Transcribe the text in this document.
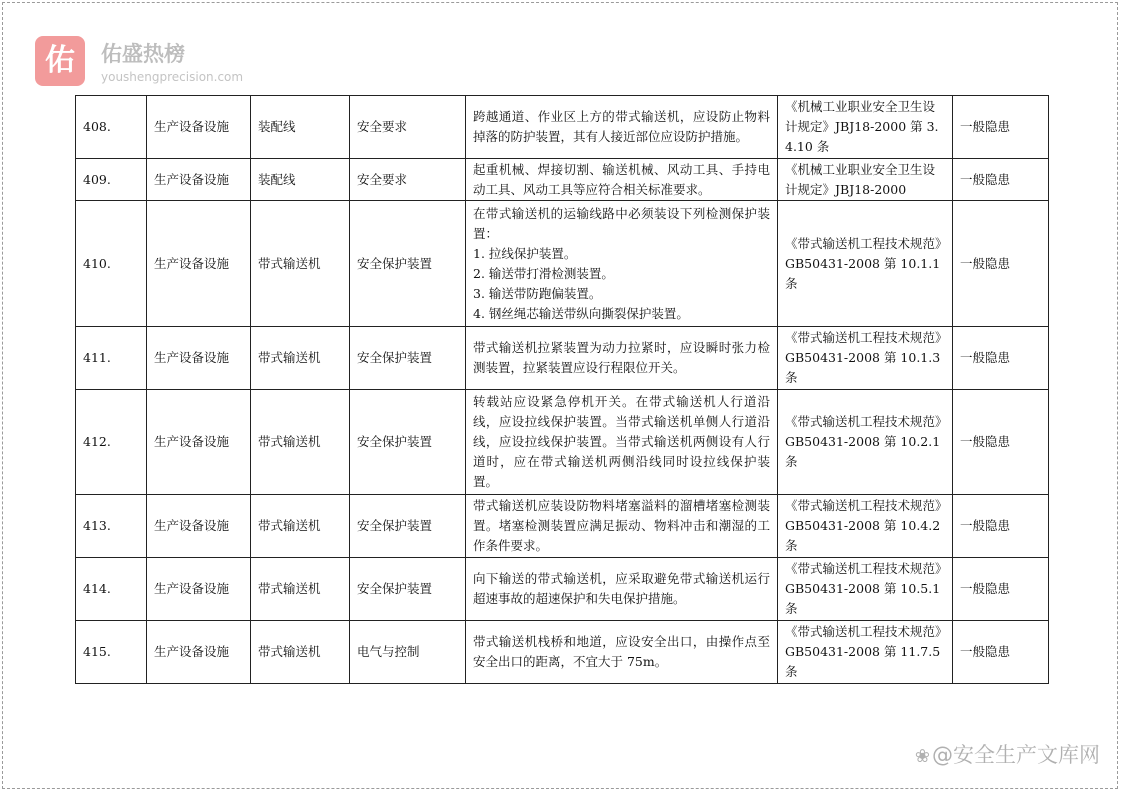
佑	佑盛热榜
youshengprecision.com
408.	生产设备设施	装配线	安全要求	跨越通道、作业区上方的带式输送机，应设防止物料掉落的防护装置，其有人接近部位应设防护措施。	《机械工业职业安全卫生设计规定》JBJ18-2000 第 3.4.10 条	一般隐患
409.	生产设备设施	装配线	安全要求	起重机械、焊接切割、输送机械、风动工具、手持电动工具、风动工具等应符合相关标准要求。	《机械工业职业安全卫生设计规定》JBJ18-2000	一般隐患
410.	生产设备设施	带式输送机	安全保护装置	在带式输送机的运输线路中必须装设下列检测保护装置：
1. 拉线保护装置。
2. 输送带打滑检测装置。
3. 输送带防跑偏装置。
4. 钢丝绳芯输送带纵向撕裂保护装置。	《带式输送机工程技术规范》GB50431-2008 第 10.1.1 条	一般隐患
411.	生产设备设施	带式输送机	安全保护装置	带式输送机拉紧装置为动力拉紧时，应设瞬时张力检测装置，拉紧装置应设行程限位开关。	《带式输送机工程技术规范》GB50431-2008 第 10.1.3 条	一般隐患
412.	生产设备设施	带式输送机	安全保护装置	转载站应设紧急停机开关。在带式输送机人行道沿线，应设拉线保护装置。当带式输送机单侧人行道沿线，应设拉线保护装置。当带式输送机两侧设有人行道时，应在带式输送机两侧沿线同时设拉线保护装置。	《带式输送机工程技术规范》GB50431-2008 第 10.2.1 条	一般隐患
413.	生产设备设施	带式输送机	安全保护装置	带式输送机应装设防物料堵塞溢料的溜槽堵塞检测装置。堵塞检测装置应满足振动、物料冲击和潮湿的工作条件要求。	《带式输送机工程技术规范》GB50431-2008 第 10.4.2 条	一般隐患
414.	生产设备设施	带式输送机	安全保护装置	向下输送的带式输送机，应采取避免带式输送机运行超速事故的超速保护和失电保护措施。	《带式输送机工程技术规范》GB50431-2008 第 10.5.1 条	一般隐患
415.	生产设备设施	带式输送机	电气与控制	带式输送机栈桥和地道，应设安全出口，由操作点至安全出口的距离，不宜大于 75m。	《带式输送机工程技术规范》GB50431-2008 第 11.7.5 条	一般隐患
❀@安全生产文库网
